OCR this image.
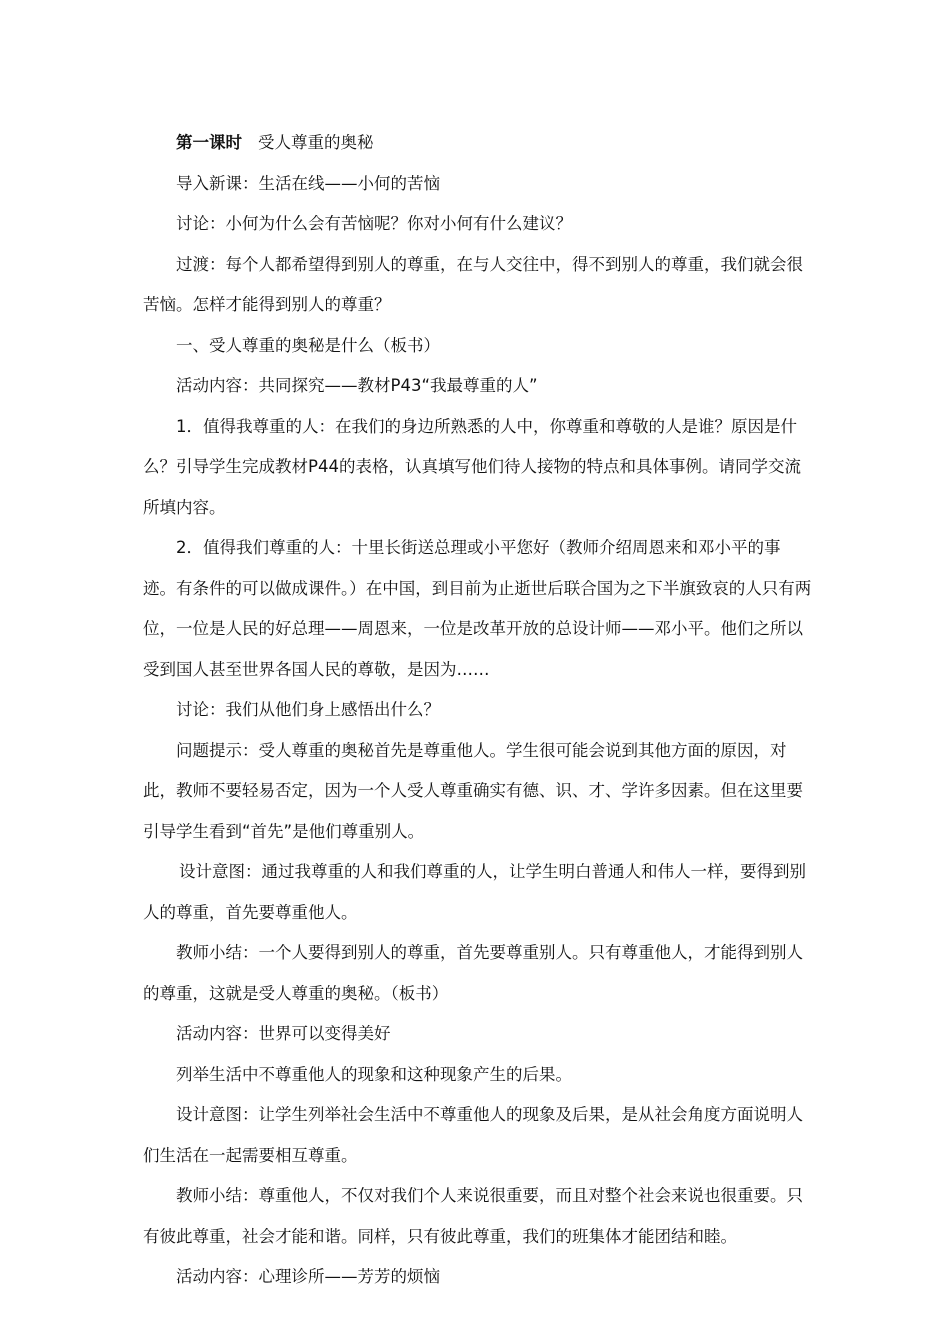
第一课时 受人尊重的奥秘

导入新课：生活在线——小何的苦恼

讨论：小何为什么会有苦恼呢？你对小何有什么建议？

过渡：每个人都希望得到别人的尊重，在与人交往中，得不到别人的尊重，我们就会很苦恼。怎样才能得到别人的尊重？

一、受人尊重的奥秘是什么（板书）

活动内容：共同探究——教材P43“我最尊重的人”

1．值得我尊重的人：在我们的身边所熟悉的人中，你尊重和尊敬的人是谁？原因是什么？引导学生完成教材P44的表格，认真填写他们待人接物的特点和具体事例。请同学交流所填内容。

2．值得我们尊重的人：十里长街送总理或小平您好（教师介绍周恩来和邓小平的事迹。有条件的可以做成课件。）在中国，到目前为止逝世后联合国为之下半旗致哀的人只有两位，一位是人民的好总理——周恩来，一位是改革开放的总设计师——邓小平。他们之所以受到国人甚至世界各国人民的尊敬，是因为……

讨论：我们从他们身上感悟出什么？

问题提示：受人尊重的奥秘首先是尊重他人。学生很可能会说到其他方面的原因，对此，教师不要轻易否定，因为一个人受人尊重确实有德、识、才、学许多因素。但在这里要引导学生看到“首先”是他们尊重别人。

设计意图：通过我尊重的人和我们尊重的人，让学生明白普通人和伟人一样，要得到别人的尊重，首先要尊重他人。

教师小结：一个人要得到别人的尊重，首先要尊重别人。只有尊重他人，才能得到别人的尊重，这就是受人尊重的奥秘。（板书）

活动内容：世界可以变得美好

列举生活中不尊重他人的现象和这种现象产生的后果。

设计意图：让学生列举社会生活中不尊重他人的现象及后果，是从社会角度方面说明人们生活在一起需要相互尊重。

教师小结：尊重他人，不仅对我们个人来说很重要，而且对整个社会来说也很重要。只有彼此尊重，社会才能和谐。同样，只有彼此尊重，我们的班集体才能团结和睦。

活动内容：心理诊所——芳芳的烦恼
